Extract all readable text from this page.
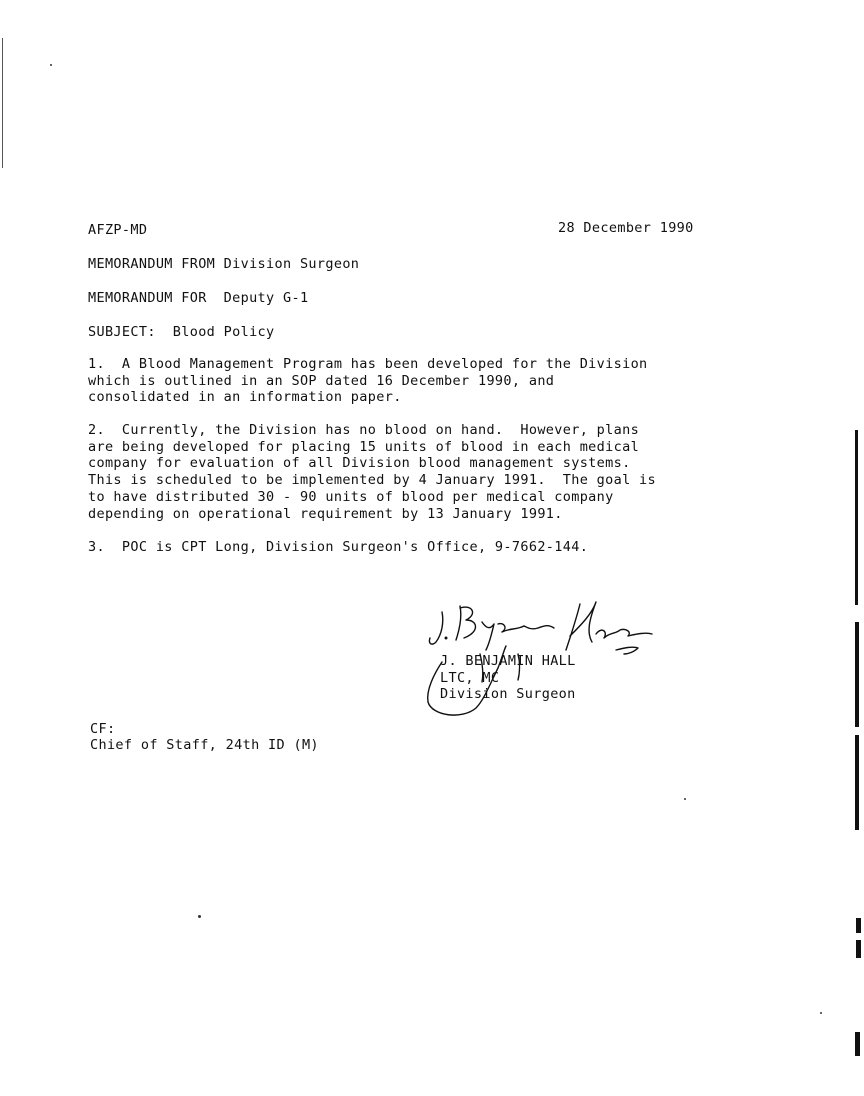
AFZP-MD	28 December 1990
MEMORANDUM FROM Division Surgeon
MEMORANDUM FOR  Deputy G-1
SUBJECT:  Blood Policy
1.  A Blood Management Program has been developed for the Division
which is outlined in an SOP dated 16 December 1990, and
consolidated in an information paper.
2.  Currently, the Division has no blood on hand.  However, plans
are being developed for placing 15 units of blood in each medical
company for evaluation of all Division blood management systems.
This is scheduled to be implemented by 4 January 1991.  The goal is
to have distributed 30 - 90 units of blood per medical company
depending on operational requirement by 13 January 1991.
3.  POC is CPT Long, Division Surgeon's Office, 9-7662-144.
J. BENJAMIN HALL
LTC, MC
Division Surgeon
CF:
Chief of Staff, 24th ID (M)
